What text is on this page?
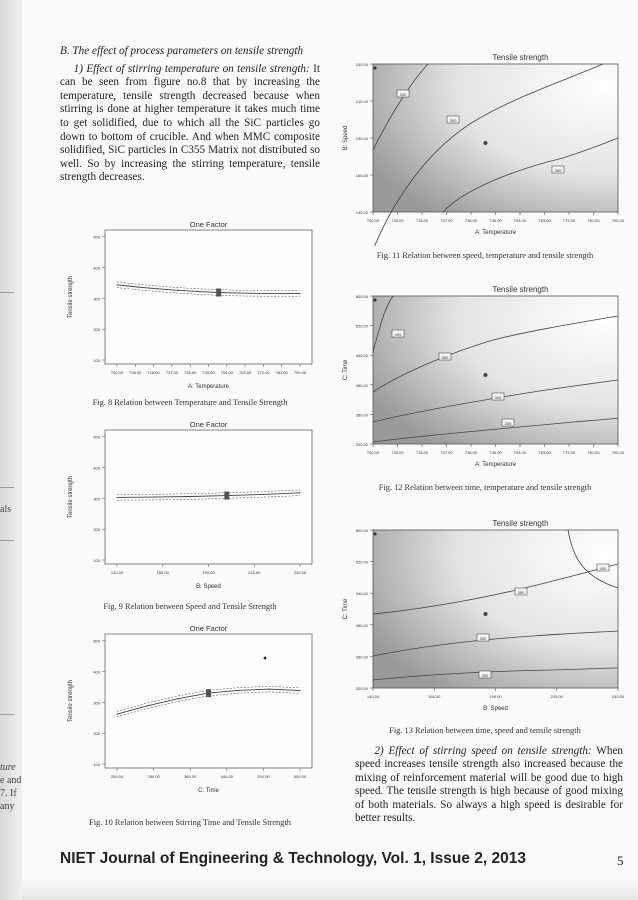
als
ture
e and
7. If
any

B. The effect of process parameters on tensile strength

1) Effect of stirring temperature on tensile strength: It can be seen from figure no.8 that by increasing the temperature, tensile strength decreased because when stirring is done at higher temperature it takes much time to get solidified, due to which all the SiC particles go down to bottom of crucible. And when MMC composite solidified, SiC particles in C355 Matrix not distributed so well. So by increasing the stirring temperature, tensile strength decreases.

One Factor
100
200
300
400
500
700.00 708.00 718.00 727.00 736.00 745.00 754.00 763.00 772.00 781.00 790.00
A: Temperature
Tensile strength
Fig. 8 Relation between Temperature and Tensile Strength
One Factor
100
200
300
400
500
140.00	165.00	190.00	215.00	240.00
B: Speed
Tensile strength
Fig. 9 Relation between Speed and Tensile Strength
One Factor
100
200
300
400
500
250.00	280.00	360.00	440.00	520.00	550.00
C: Time
Tensile strength
Fig. 10 Relation between Stirring Time and Tensile Strength
Tensile strength
140.00
165.00
190.00
215.00
240.00
700.00	709.00	718.00	727.00	736.00	745.00	754.00	763.00	772.00	781.00	790.00
A: Temperature
B: Speed
240
300
350
Fig. 11 Relation between speed, temperature and tensile strength
Tensile strength
200.00
280.00
360.00
440.00
520.00
600.00
700.00	709.00	718.00	727.00	736.00	745.00	754.00	763.00	772.00	781.00	790.00
A: Temperature
C: Time
400
350
300
250
Fig. 12 Relation between time, temperature and tensile strength
Tensile strength
200.00
280.00
360.00
440.00
520.00
600.00
140.00	165.00	190.00	215.00	240.00
B: Speed
C: Time
400
350
300
250
Fig. 13 Relation between time, speed and tensile strength

2) Effect of stirring speed on tensile strength: When speed increases tensile strength also increased because the mixing of reinforcement material will be good due to high speed. The tensile strength is high because of good mixing of both materials. So always a high speed is desirable for better results.

NIET Journal of Engineering & Technology, Vol. 1, Issue 2, 2013	5
